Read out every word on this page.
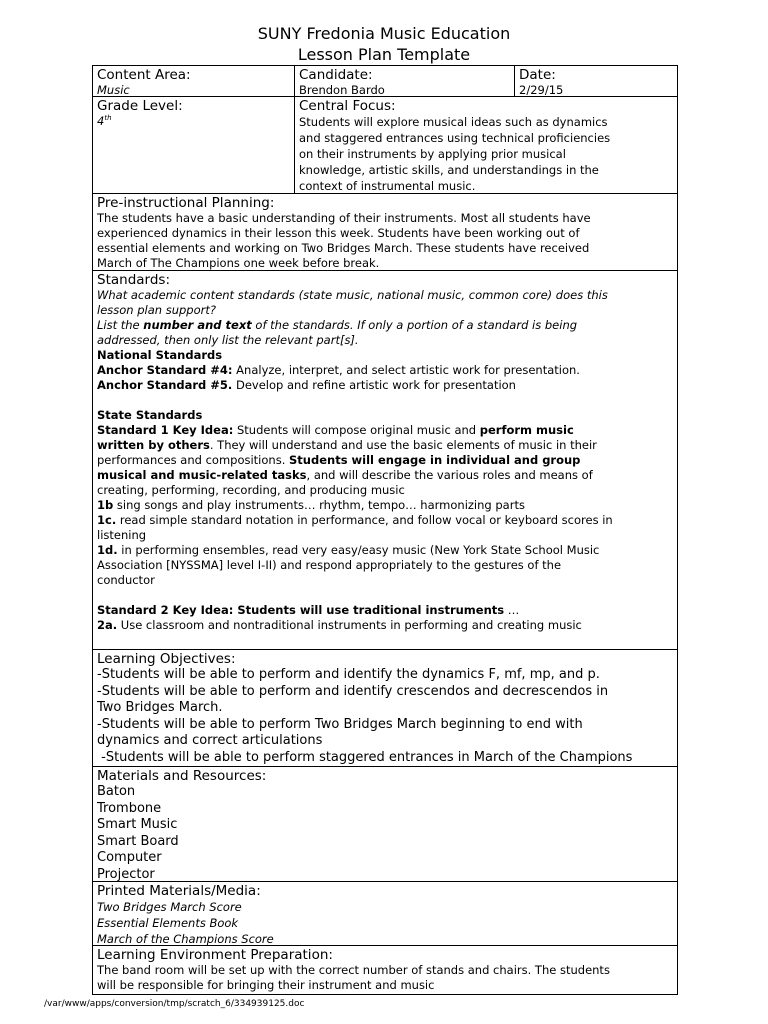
SUNY Fredonia Music Education
Lesson Plan Template
Content Area:
Music
Candidate:
Brendon Bardo
Date:
2/29/15
Grade Level:
4th
Central Focus:
Students will explore musical ideas such as dynamics
and staggered entrances using technical proficiencies
on their instruments by applying prior musical
knowledge, artistic skills, and understandings in the
context of instrumental music.
Pre-instructional Planning:
The students have a basic understanding of their instruments. Most all students have
experienced dynamics in their lesson this week. Students have been working out of
essential elements and working on Two Bridges March. These students have received
March of The Champions one week before break.
Standards:
What academic content standards (state music, national music, common core) does this
lesson plan support?
List the number and text of the standards. If only a portion of a standard is being
addressed, then only list the relevant part[s].
National Standards
Anchor Standard #4: Analyze, interpret, and select artistic work for presentation.
Anchor Standard #5. Develop and refine artistic work for presentation

State Standards
Standard 1 Key Idea: Students will compose original music and perform music
written by others. They will understand and use the basic elements of music in their
performances and compositions. Students will engage in individual and group
musical and music-related tasks, and will describe the various roles and means of
creating, performing, recording, and producing music
1b sing songs and play instruments… rhythm, tempo… harmonizing parts
1c. read simple standard notation in performance, and follow vocal or keyboard scores in
listening
1d. in performing ensembles, read very easy/easy music (New York State School Music
Association [NYSSMA] level I-II) and respond appropriately to the gestures of the
conductor

Standard 2 Key Idea: Students will use traditional instruments …
2a. Use classroom and nontraditional instruments in performing and creating music
Learning Objectives:
-Students will be able to perform and identify the dynamics F, mf, mp, and p.
-Students will be able to perform and identify crescendos and decrescendos in
Two Bridges March.
-Students will be able to perform Two Bridges March beginning to end with
dynamics and correct articulations
-Students will be able to perform staggered entrances in March of the Champions
Materials and Resources:
Baton
Trombone
Smart Music
Smart Board
Computer
Projector
Printed Materials/Media:
Two Bridges March Score
Essential Elements Book
March of the Champions Score
Learning Environment Preparation:
The band room will be set up with the correct number of stands and chairs. The students
will be responsible for bringing their instrument and music
/var/www/apps/conversion/tmp/scratch_6/334939125.doc
